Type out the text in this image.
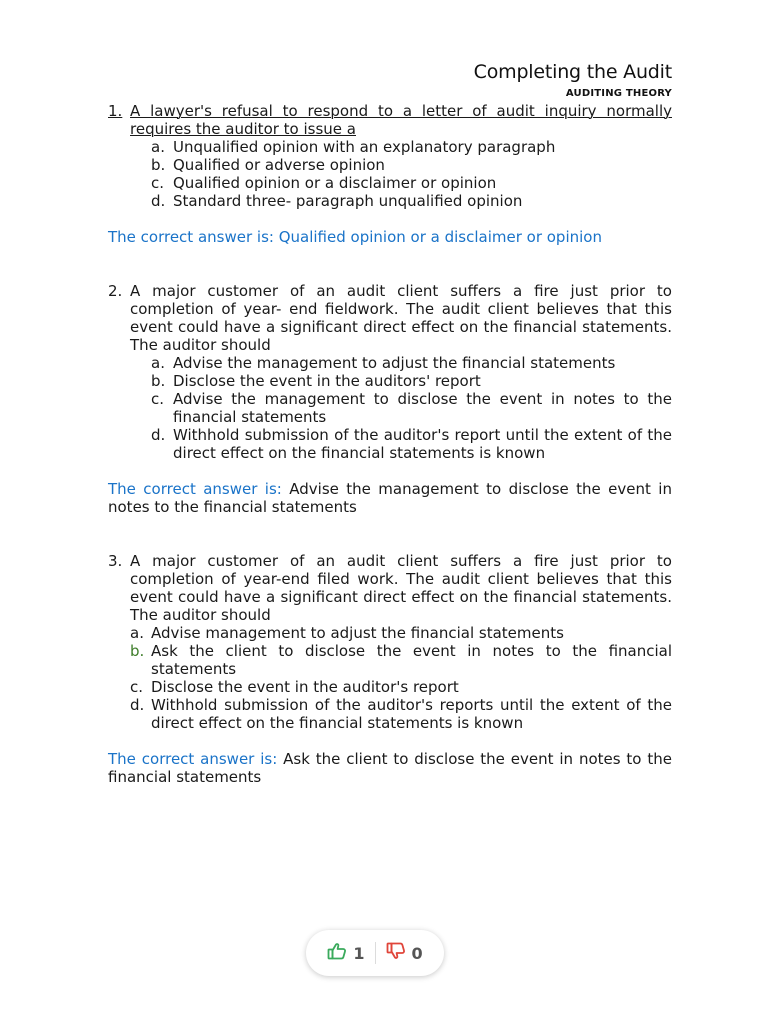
Completing the Audit
AUDITING THEORY
1. A lawyer's refusal to respond to a letter of audit inquiry normally requires the auditor to issue a
a. Unqualified opinion with an explanatory paragraph
b. Qualified or adverse opinion
c. Qualified opinion or a disclaimer or opinion
d. Standard three- paragraph unqualified opinion

The correct answer is: Qualified opinion or a disclaimer or opinion

2. A major customer of an audit client suffers a fire just prior to completion of year- end fieldwork. The audit client believes that this event could have a significant direct effect on the financial statements. The auditor should
a. Advise the management to adjust the financial statements
b. Disclose the event in the auditors' report
c. Advise the management to disclose the event in notes to the financial statements
d. Withhold submission of the auditor's report until the extent of the direct effect on the financial statements is known

The correct answer is: Advise the management to disclose the event in notes to the financial statements

3. A major customer of an audit client suffers a fire just prior to completion of year-end filed work. The audit client believes that this event could have a significant direct effect on the financial statements. The auditor should
a. Advise management to adjust the financial statements
b. Ask the client to disclose the event in notes to the financial statements
c. Disclose the event in the auditor's report
d. Withhold submission of the auditor's reports until the extent of the direct effect on the financial statements is known

The correct answer is: Ask the client to disclose the event in notes to the financial statements

1	0
